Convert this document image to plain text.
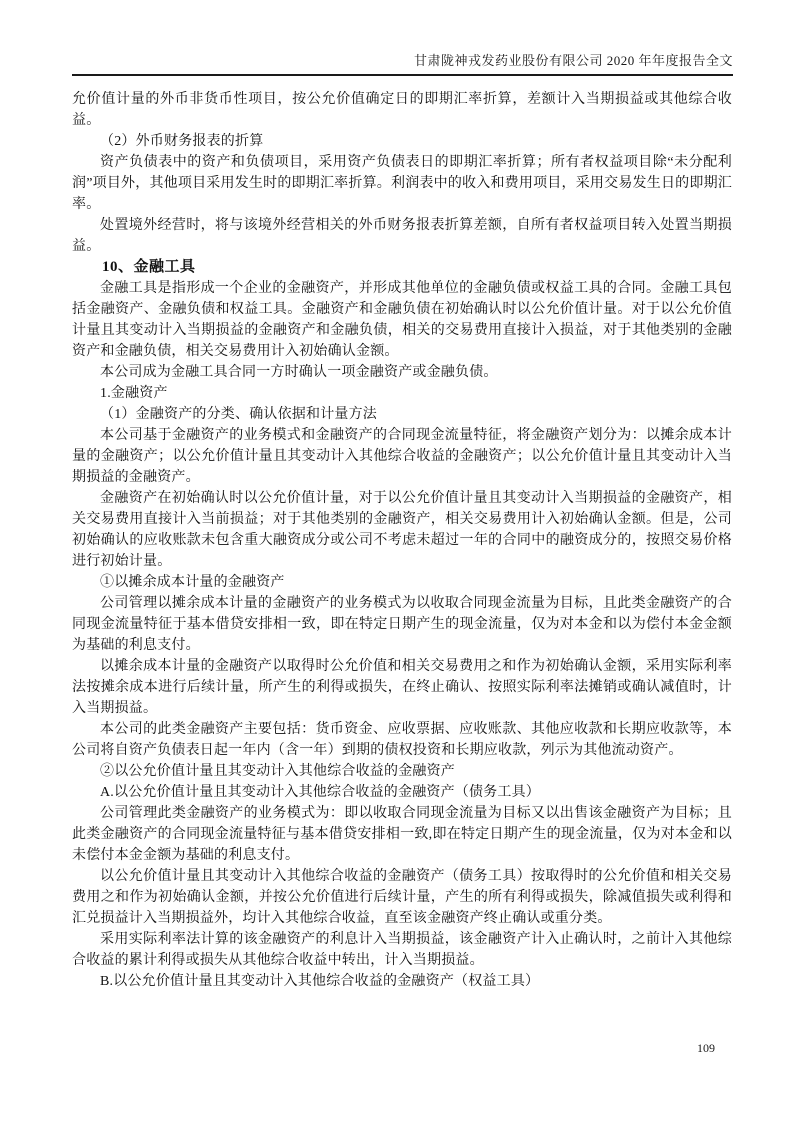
甘肃陇神戎发药业股份有限公司 2020 年年度报告全文

允价值计量的外币非货币性项目，按公允价值确定日的即期汇率折算，差额计入当期损益或其他综合收益。

（2）外币财务报表的折算

资产负债表中的资产和负债项目，采用资产负债表日的即期汇率折算；所有者权益项目除“未分配利润”项目外，其他项目采用发生时的即期汇率折算。利润表中的收入和费用项目，采用交易发生日的即期汇率。

处置境外经营时，将与该境外经营相关的外币财务报表折算差额，自所有者权益项目转入处置当期损益。

10、金融工具

金融工具是指形成一个企业的金融资产，并形成其他单位的金融负债或权益工具的合同。金融工具包括金融资产、金融负债和权益工具。金融资产和金融负债在初始确认时以公允价值计量。对于以公允价值计量且其变动计入当期损益的金融资产和金融负债，相关的交易费用直接计入损益，对于其他类别的金融资产和金融负债，相关交易费用计入初始确认金额。

本公司成为金融工具合同一方时确认一项金融资产或金融负债。

1.金融资产

（1）金融资产的分类、确认依据和计量方法

本公司基于金融资产的业务模式和金融资产的合同现金流量特征，将金融资产划分为：以摊余成本计量的金融资产；以公允价值计量且其变动计入其他综合收益的金融资产；以公允价值计量且其变动计入当期损益的金融资产。

金融资产在初始确认时以公允价值计量，对于以公允价值计量且其变动计入当期损益的金融资产，相关交易费用直接计入当前损益；对于其他类别的金融资产，相关交易费用计入初始确认金额。但是，公司初始确认的应收账款未包含重大融资成分或公司不考虑未超过一年的合同中的融资成分的，按照交易价格进行初始计量。

①以摊余成本计量的金融资产

公司管理以摊余成本计量的金融资产的业务模式为以收取合同现金流量为目标，且此类金融资产的合同现金流量特征于基本借贷安排相一致，即在特定日期产生的现金流量，仅为对本金和以为偿付本金金额为基础的利息支付。

以摊余成本计量的金融资产以取得时公允价值和相关交易费用之和作为初始确认金额，采用实际利率法按摊余成本进行后续计量，所产生的利得或损失，在终止确认、按照实际利率法摊销或确认减值时，计入当期损益。

本公司的此类金融资产主要包括：货币资金、应收票据、应收账款、其他应收款和长期应收款等，本公司将自资产负债表日起一年内（含一年）到期的债权投资和长期应收款，列示为其他流动资产。

②以公允价值计量且其变动计入其他综合收益的金融资产

A.以公允价值计量且其变动计入其他综合收益的金融资产（债务工具）

公司管理此类金融资产的业务模式为：即以收取合同现金流量为目标又以出售该金融资产为目标；且此类金融资产的合同现金流量特征与基本借贷安排相一致,即在特定日期产生的现金流量，仅为对本金和以未偿付本金金额为基础的利息支付。

以公允价值计量且其变动计入其他综合收益的金融资产（债务工具）按取得时的公允价值和相关交易费用之和作为初始确认金额，并按公允价值进行后续计量，产生的所有利得或损失，除减值损失或利得和汇兑损益计入当期损益外，均计入其他综合收益，直至该金融资产终止确认或重分类。

采用实际利率法计算的该金融资产的利息计入当期损益，该金融资产计入止确认时，之前计入其他综合收益的累计利得或损失从其他综合收益中转出，计入当期损益。

B.以公允价值计量且其变动计入其他综合收益的金融资产（权益工具）

109
